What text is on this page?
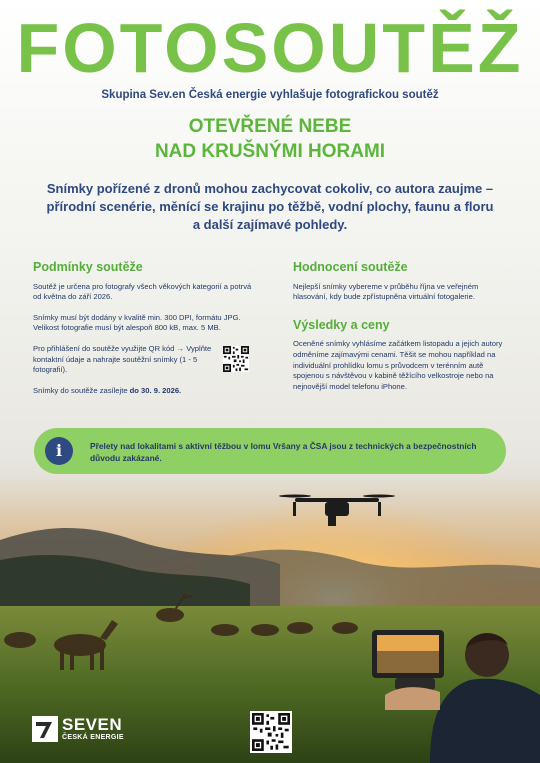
FOTOSOUTĚŽ
Skupina Sev.en Česká energie vyhlašuje fotografickou soutěž
OTEVŘENÉ NEBE
NAD KRUŠNÝMI HORAMI
Snímky pořízené z dronů mohou zachycovat cokoliv, co autora zaujme –
přírodní scenérie, měnící se krajinu po těžbě, vodní plochy, faunu a floru
a další zajímavé pohledy.
Podmínky soutěže
Soutěž je určena pro fotografy všech věkových kategorií a potrvá od května do září 2026.
Snímky musí být dodány v kvalitě min. 300 DPI, formátu JPG. Velikost fotografie musí být alespoň 800 kB, max. 5 MB.
Pro přihlášení do soutěže využijte QR kód → Vyplňte kontaktní údaje a nahrajte soutěžní snímky (1 - 5 fotografií).
Snímky do soutěže zasílejte do 30. 9. 2026.
Hodnocení soutěže
Nejlepší snímky vybereme v průběhu října ve veřejném hlasování, kdy bude zpřístupněna virtuální fotogalerie.
Výsledky a ceny
Oceněné snímky vyhlásíme začátkem listopadu a jejich autory odměníme zajímavými cenami. Těšit se mohou například na individuální prohlídku lomu s průvodcem v terénním autě spojenou s návštěvou v kabině těžícího velkostroje nebo na nejnovější model telefonu iPhone.
i	Přelety nad lokalitami s aktivní těžbou v lomu Vršany a ČSA jsou z technických a bezpečnostních důvodu zakázané.
SEVEN
ČESKÁ ENERGIE
